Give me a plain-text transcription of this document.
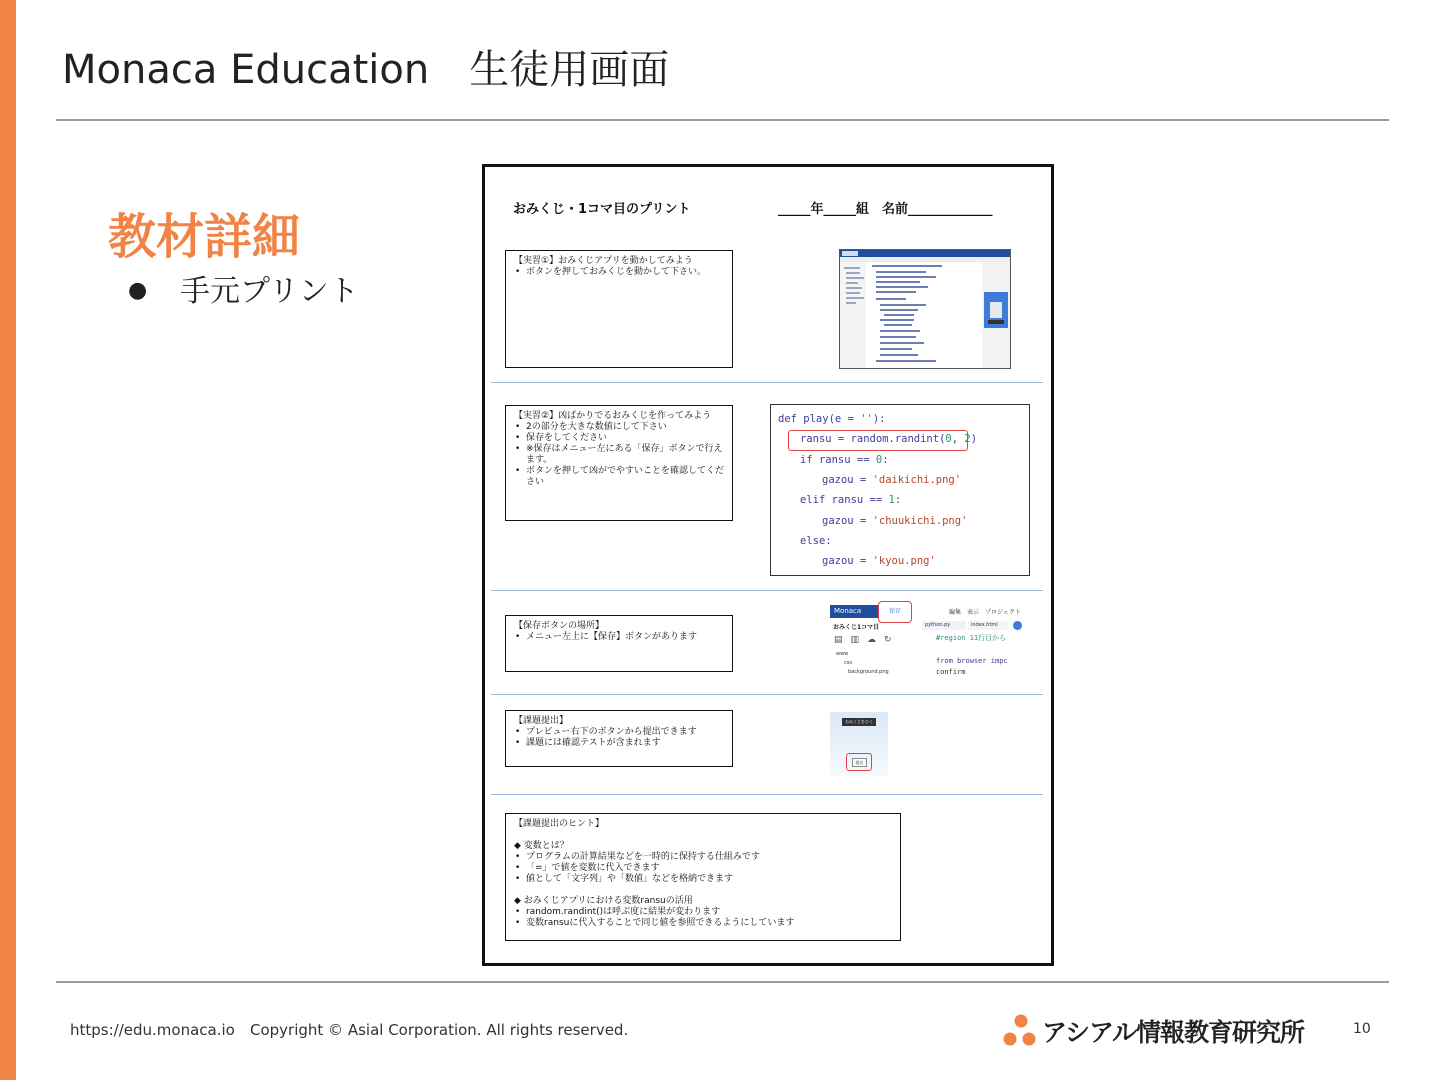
Monaca Education　生徒用画面
教材詳細
● 手元プリント
おみくじ・1コマ目のプリント	_____年_____組　名前_____________
【実習①】おみくじアプリを動かしてみよう
• ボタンを押しておみくじを動かして下さい。
【実習②】凶ばかりでるおみくじを作ってみよう
• 2の部分を大きな数値にして下さい
• 保存をしてください
• ※保存はメニュー左にある「保存」ボタンで行えます。
• ボタンを押して凶がでやすいことを確認してください
def play(e = ''):
ransu = random.randint(0, 2)
if ransu == 0:
gazou = 'daikichi.png'
elif ransu == 1:
gazou = 'chuukichi.png'
else:
gazou = 'kyou.png'
【保存ボタンの場所】
• メニュー左上に【保存】ボタンがあります
Monaca	保存	編集 表示 プロジェクト
おみくじ1コマ目	python.py	index.html
▤▥☁↻
www
css
background.png
#region 11行目から
from browser impc
confirm
【課題提出】
• プレビュー右下のボタンから提出できます
• 課題には確認テストが含まれます
おみくじをひく
提出
【課題提出のヒント】
◆ 変数とは？
• プログラムの計算結果などを一時的に保持する仕組みです
• 「=」で値を変数に代入できます
• 値として「文字列」や「数値」などを格納できます
◆ おみくじアプリにおける変数ransuの活用
• random.randint()は呼ぶ度に結果が変わります
• 変数ransuに代入することで同じ値を参照できるようにしています
https://edu.monaca.io Copyright © Asial Corporation. All rights reserved.	アシアル情報教育研究所	10
